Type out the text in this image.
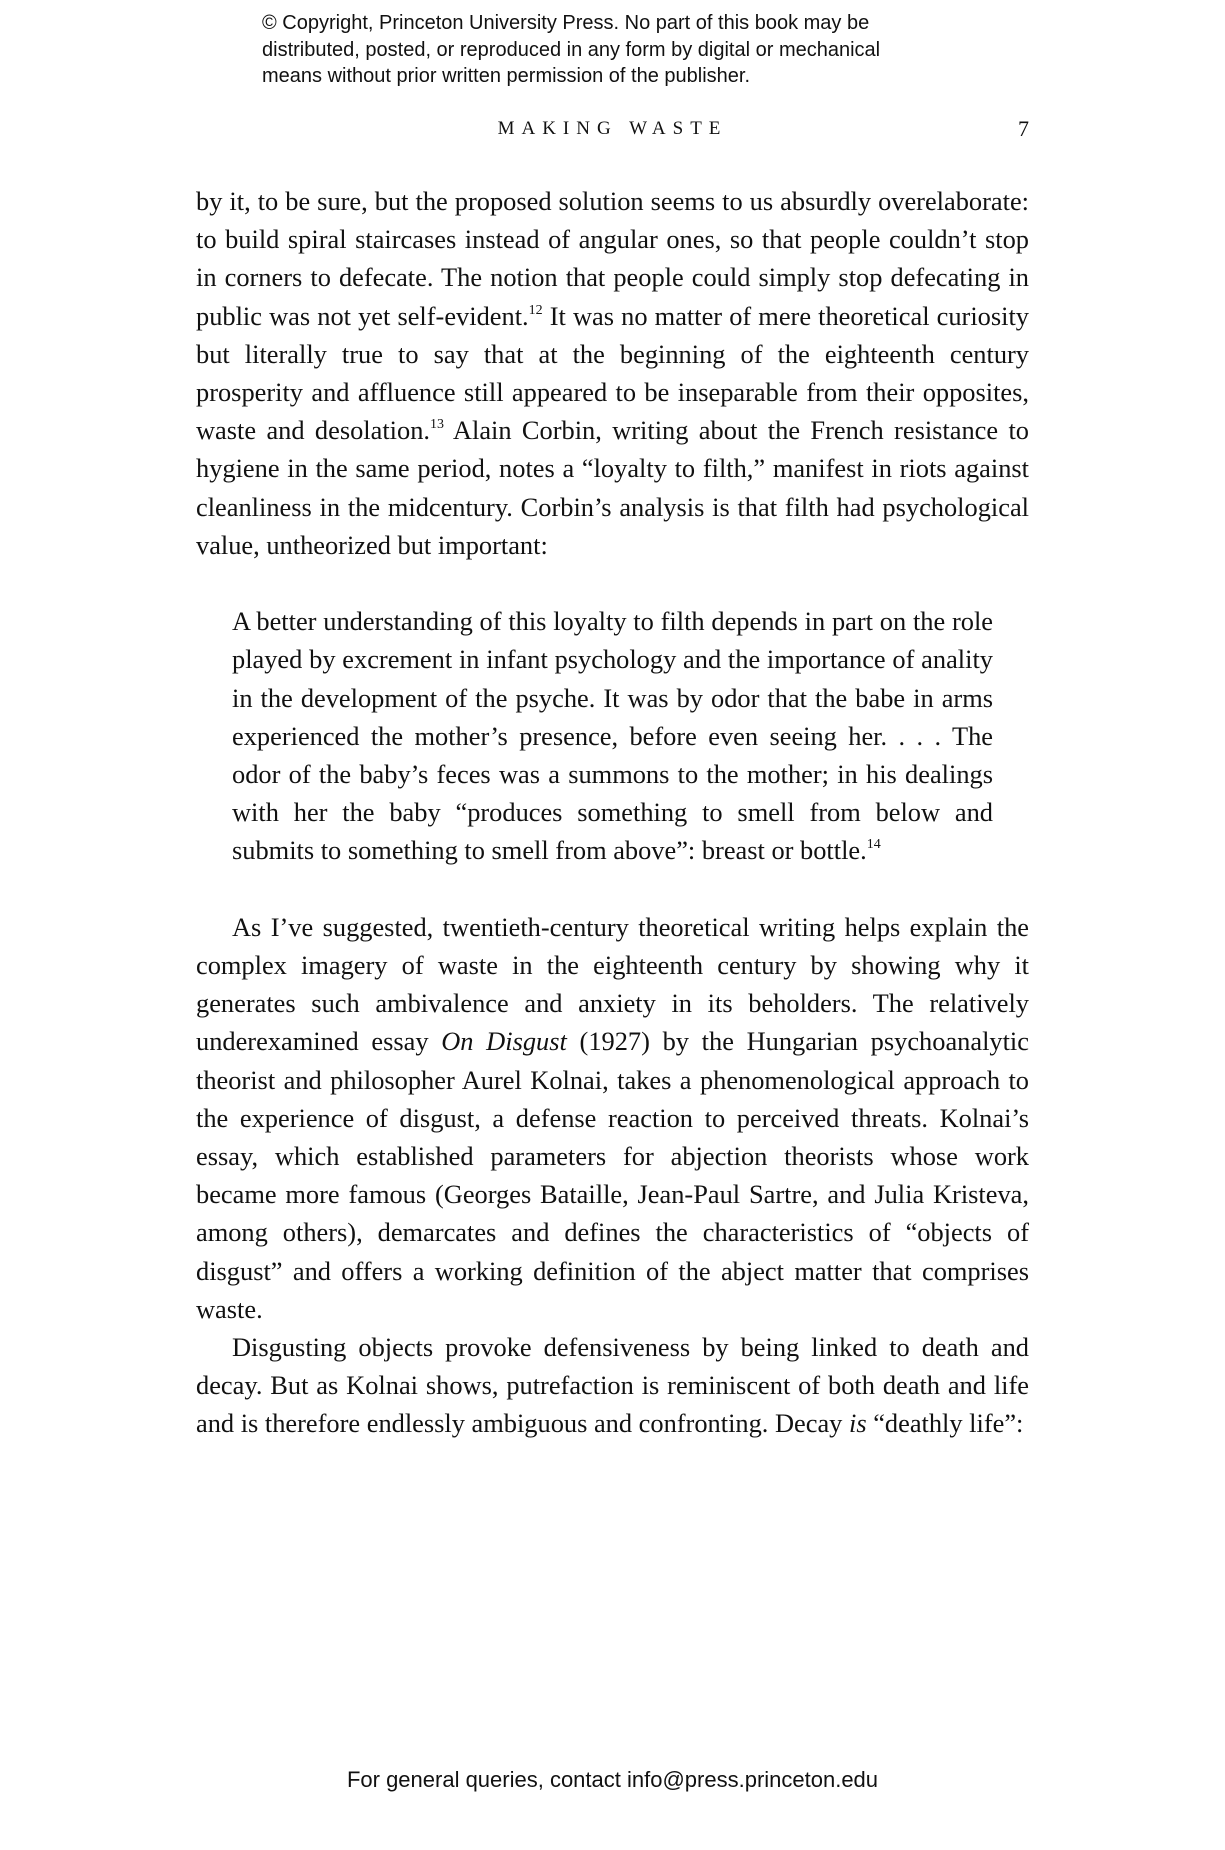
© Copyright, Princeton University Press. No part of this book may be
distributed, posted, or reproduced in any form by digital or mechanical
means without prior written permission of the publisher.
MAKING WASTE	7

by it, to be sure, but the proposed solution seems to us absurdly overelaborate: to build spiral staircases instead of angular ones, so that people couldn’t stop in corners to defecate. The notion that people could simply stop defecating in public was not yet self-evident.$^{12}$ It was no matter of mere theoretical curiosity but literally true to say that at the beginning of the eighteenth century prosperity and affluence still appeared to be inseparable from their opposites, waste and desolation.$^{13}$ Alain Corbin, writing about the French resistance to hygiene in the same period, notes a “loyalty to filth,” manifest in riots against cleanliness in the midcentury. Corbin’s analysis is that filth had psychological value, untheorized but important:

A better understanding of this loyalty to filth depends in part on the role played by excrement in infant psychology and the importance of anality in the development of the psyche. It was by odor that the babe in arms experienced the mother’s presence, before even seeing her. . . . The odor of the baby’s feces was a summons to the mother; in his dealings with her the baby “produces something to smell from below and submits to something to smell from above”: breast or bottle.$^{14}$

As I’ve suggested, twentieth-century theoretical writing helps explain the complex imagery of waste in the eighteenth century by showing why it generates such ambivalence and anxiety in its beholders. The relatively underexamined essay On Disgust (1927) by the Hungarian psychoanalytic theorist and philosopher Aurel Kolnai, takes a phenomenological approach to the experience of disgust, a defense reaction to perceived threats. Kolnai’s essay, which established parameters for abjection theorists whose work became more famous (Georges Bataille, Jean-Paul Sartre, and Julia Kristeva, among others), demarcates and defines the characteristics of “objects of disgust” and offers a working definition of the abject matter that comprises waste.

Disgusting objects provoke defensiveness by being linked to death and decay. But as Kolnai shows, putrefaction is reminiscent of both death and life and is therefore endlessly ambiguous and confronting. Decay is “deathly life”:

For general queries, contact info@press.princeton.edu
